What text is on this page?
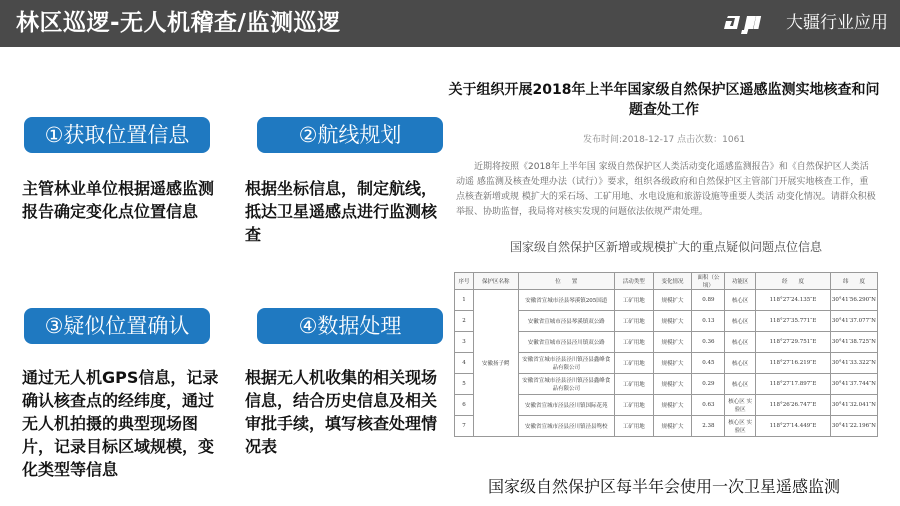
林区巡逻-无人机稽查/监测巡逻	大疆行业应用
①获取位置信息
主管林业单位根据遥感监测报告确定变化点位置信息
②航线规划
根据坐标信息，制定航线，抵达卫星遥感点进行监测核查
③疑似位置确认
通过无人机GPS信息，记录确认核查点的经纬度，通过无人机拍摄的典型现场图片，记录目标区域规模，变化类型等信息
④数据处理
根据无人机收集的相关现场信息，结合历史信息及相关审批手续，填写核查处理情况表
关于组织开展2018年上半年国家级自然保护区遥感监测实地核查和问题查处工作
发布时间:2018-12-17 点击次数：1061
近期将按照《2018年上半年国 家级自然保护区人类活动变化遥感监测报告》和《自然保护区人类活 动遥 感监测及核查处理办法（试行）》要求，组织各级政府和自然保护区主管部门开展实地核查工作，重点核查新增或规 模扩大的采石场、工矿用地、水电设施和旅游设施等重要人类活 动变化情况。请群众积极举报、协助监督，我局将对核实发现的问题依法依规严肃处理。
国家级自然保护区新增或规模扩大的重点疑似问题点位信息
序号	保护区名称	位　　置	活动类型	变化情况	面积（公顷）	功能区	经　　度	纬　　度
1	安徽扬子鳄	安徽省宣城市泾县琴溪镇205国道	工矿用地	规模扩大	0.89	核心区	118°27′24.135″E	30°41′56.290″N
2		安徽省宣城市泾县琴溪镇双公路	工矿用地	规模扩大	0.13	核心区	118°27′35.771″E	30°41′37.077″N
3		安徽省宣城市泾县泾川镇双公路	工矿用地	规模扩大	0.36	核心区	118°27′29.751″E	30°41′38.725″N
4		安徽省宣城市泾县泾川镇泾县鑫峰食品有限公司	工矿用地	规模扩大	0.45	核心区	118°27′16.219″E	30°41′33.322″N
5		安徽省宣城市泾县泾川镇泾县鑫峰食品有限公司	工矿用地	规模扩大	0.29	核心区	118°27′17.897″E	30°41′37.744″N
6		安徽省宣城市泾县泾川镇国际花苑	工矿用地	规模扩大	0.63	核心区 实验区	118°26′26.747″E	30°41′32.041″N
7		安徽省宣城市泾县泾川镇泾县鸳校	工矿用地	规模扩大	2.38	核心区 实验区	118°27′14.449″E	30°41′22.196″N
国家级自然保护区每半年会使用一次卫星遥感监测
